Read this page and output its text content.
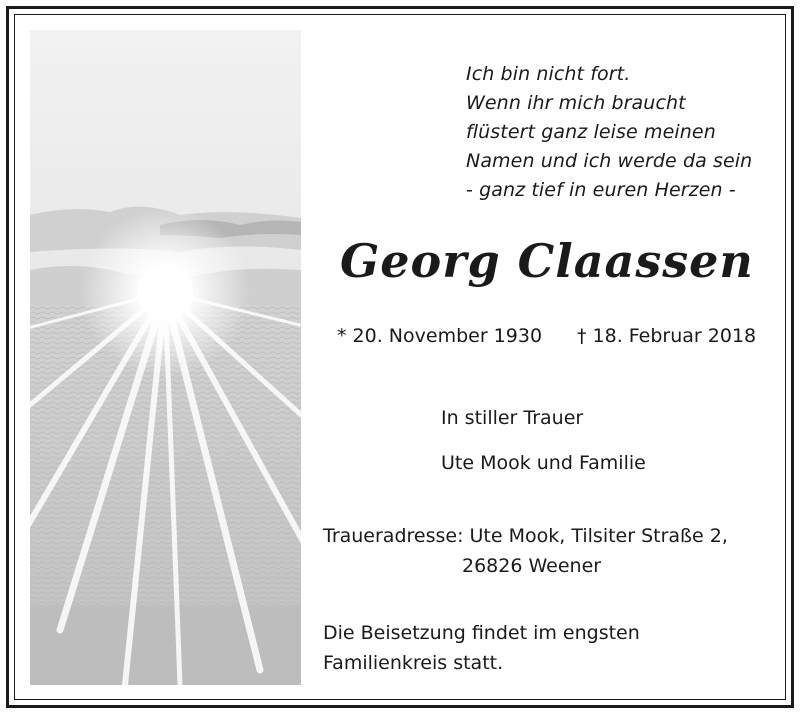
Ich bin nicht fort.
Wenn ihr mich braucht
flüstert ganz leise meinen
Namen und ich werde da sein
- ganz tief in euren Herzen -
Georg Claassen
* 20. November 1930 † 18. Februar 2018
In stiller Trauer
Ute Mook und Familie
Traueradresse: Ute Mook, Tilsiter Straße 2,
26826 Weener
Die Beisetzung findet im engsten Familienkreis statt.
